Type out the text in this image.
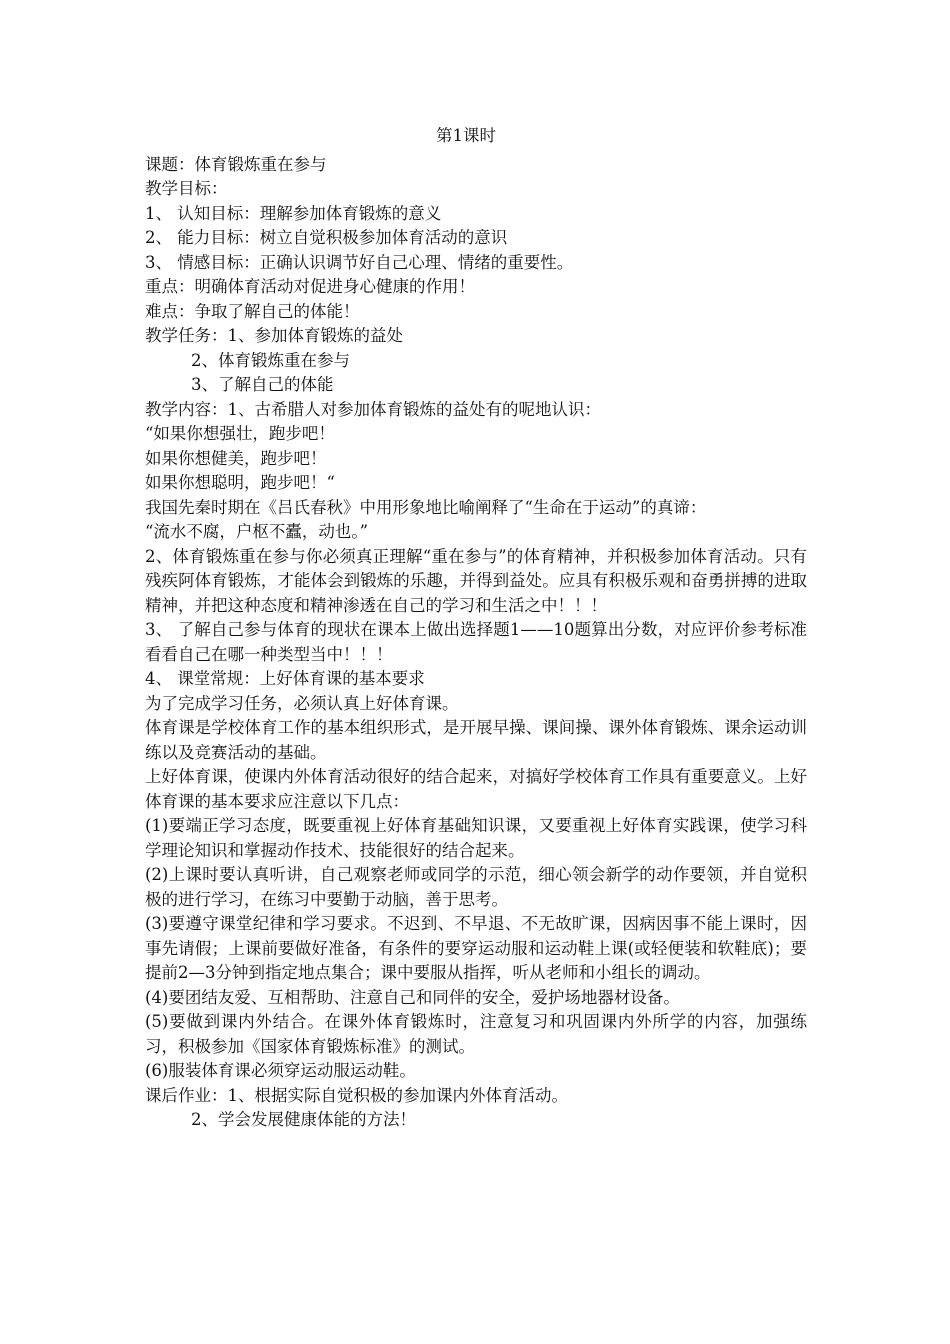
第1课时
课题：体育锻炼重在参与
教学目标：
1、 认知目标：理解参加体育锻炼的意义
2、 能力目标：树立自觉积极参加体育活动的意识
3、 情感目标：正确认识调节好自己心理、情绪的重要性。
重点：明确体育活动对促进身心健康的作用！
难点：争取了解自己的体能！
教学任务：1、参加体育锻炼的益处
2、体育锻炼重在参与
3、了解自己的体能
教学内容：1、古希腊人对参加体育锻炼的益处有的呢地认识：
“如果你想强壮，跑步吧！
如果你想健美，跑步吧！
如果你想聪明，跑步吧！“
我国先秦时期在《吕氏春秋》中用形象地比喻阐释了“生命在于运动”的真谛：
“流水不腐，户枢不蠹，动也。”
2、体育锻炼重在参与你必须真正理解“重在参与”的体育精神，并积极参加体育活动。只有残疾阿体育锻炼，才能体会到锻炼的乐趣，并得到益处。应具有积极乐观和奋勇拼搏的进取精神，并把这种态度和精神渗透在自己的学习和生活之中！！！
3、 了解自己参与体育的现状在课本上做出选择题1——10题算出分数，对应评价参考标准看看自己在哪一种类型当中！！！
4、 课堂常规：上好体育课的基本要求
为了完成学习任务，必须认真上好体育课。
体育课是学校体育工作的基本组织形式，是开展早操、课间操、课外体育锻炼、课余运动训练以及竞赛活动的基础。
上好体育课，使课内外体育活动很好的结合起来，对搞好学校体育工作具有重要意义。上好体育课的基本要求应注意以下几点：
(1)要端正学习态度，既要重视上好体育基础知识课，又要重视上好体育实践课，使学习科学理论知识和掌握动作技术、技能很好的结合起来。
(2)上课时要认真听讲，自己观察老师或同学的示范，细心领会新学的动作要领，并自觉积极的进行学习，在练习中要勤于动脑，善于思考。
(3)要遵守课堂纪律和学习要求。不迟到、不早退、不无故旷课，因病因事不能上课时，因事先请假；上课前要做好准备，有条件的要穿运动服和运动鞋上课(或轻便装和软鞋底)；要提前2—3分钟到指定地点集合；课中要服从指挥，听从老师和小组长的调动。
(4)要团结友爱、互相帮助、注意自己和同伴的安全，爱护场地器材设备。
(5)要做到课内外结合。在课外体育锻炼时，注意复习和巩固课内外所学的内容，加强练习，积极参加《国家体育锻炼标准》的测试。
(6)服装体育课必须穿运动服运动鞋。
课后作业：1、根据实际自觉积极的参加课内外体育活动。
2、学会发展健康体能的方法！
